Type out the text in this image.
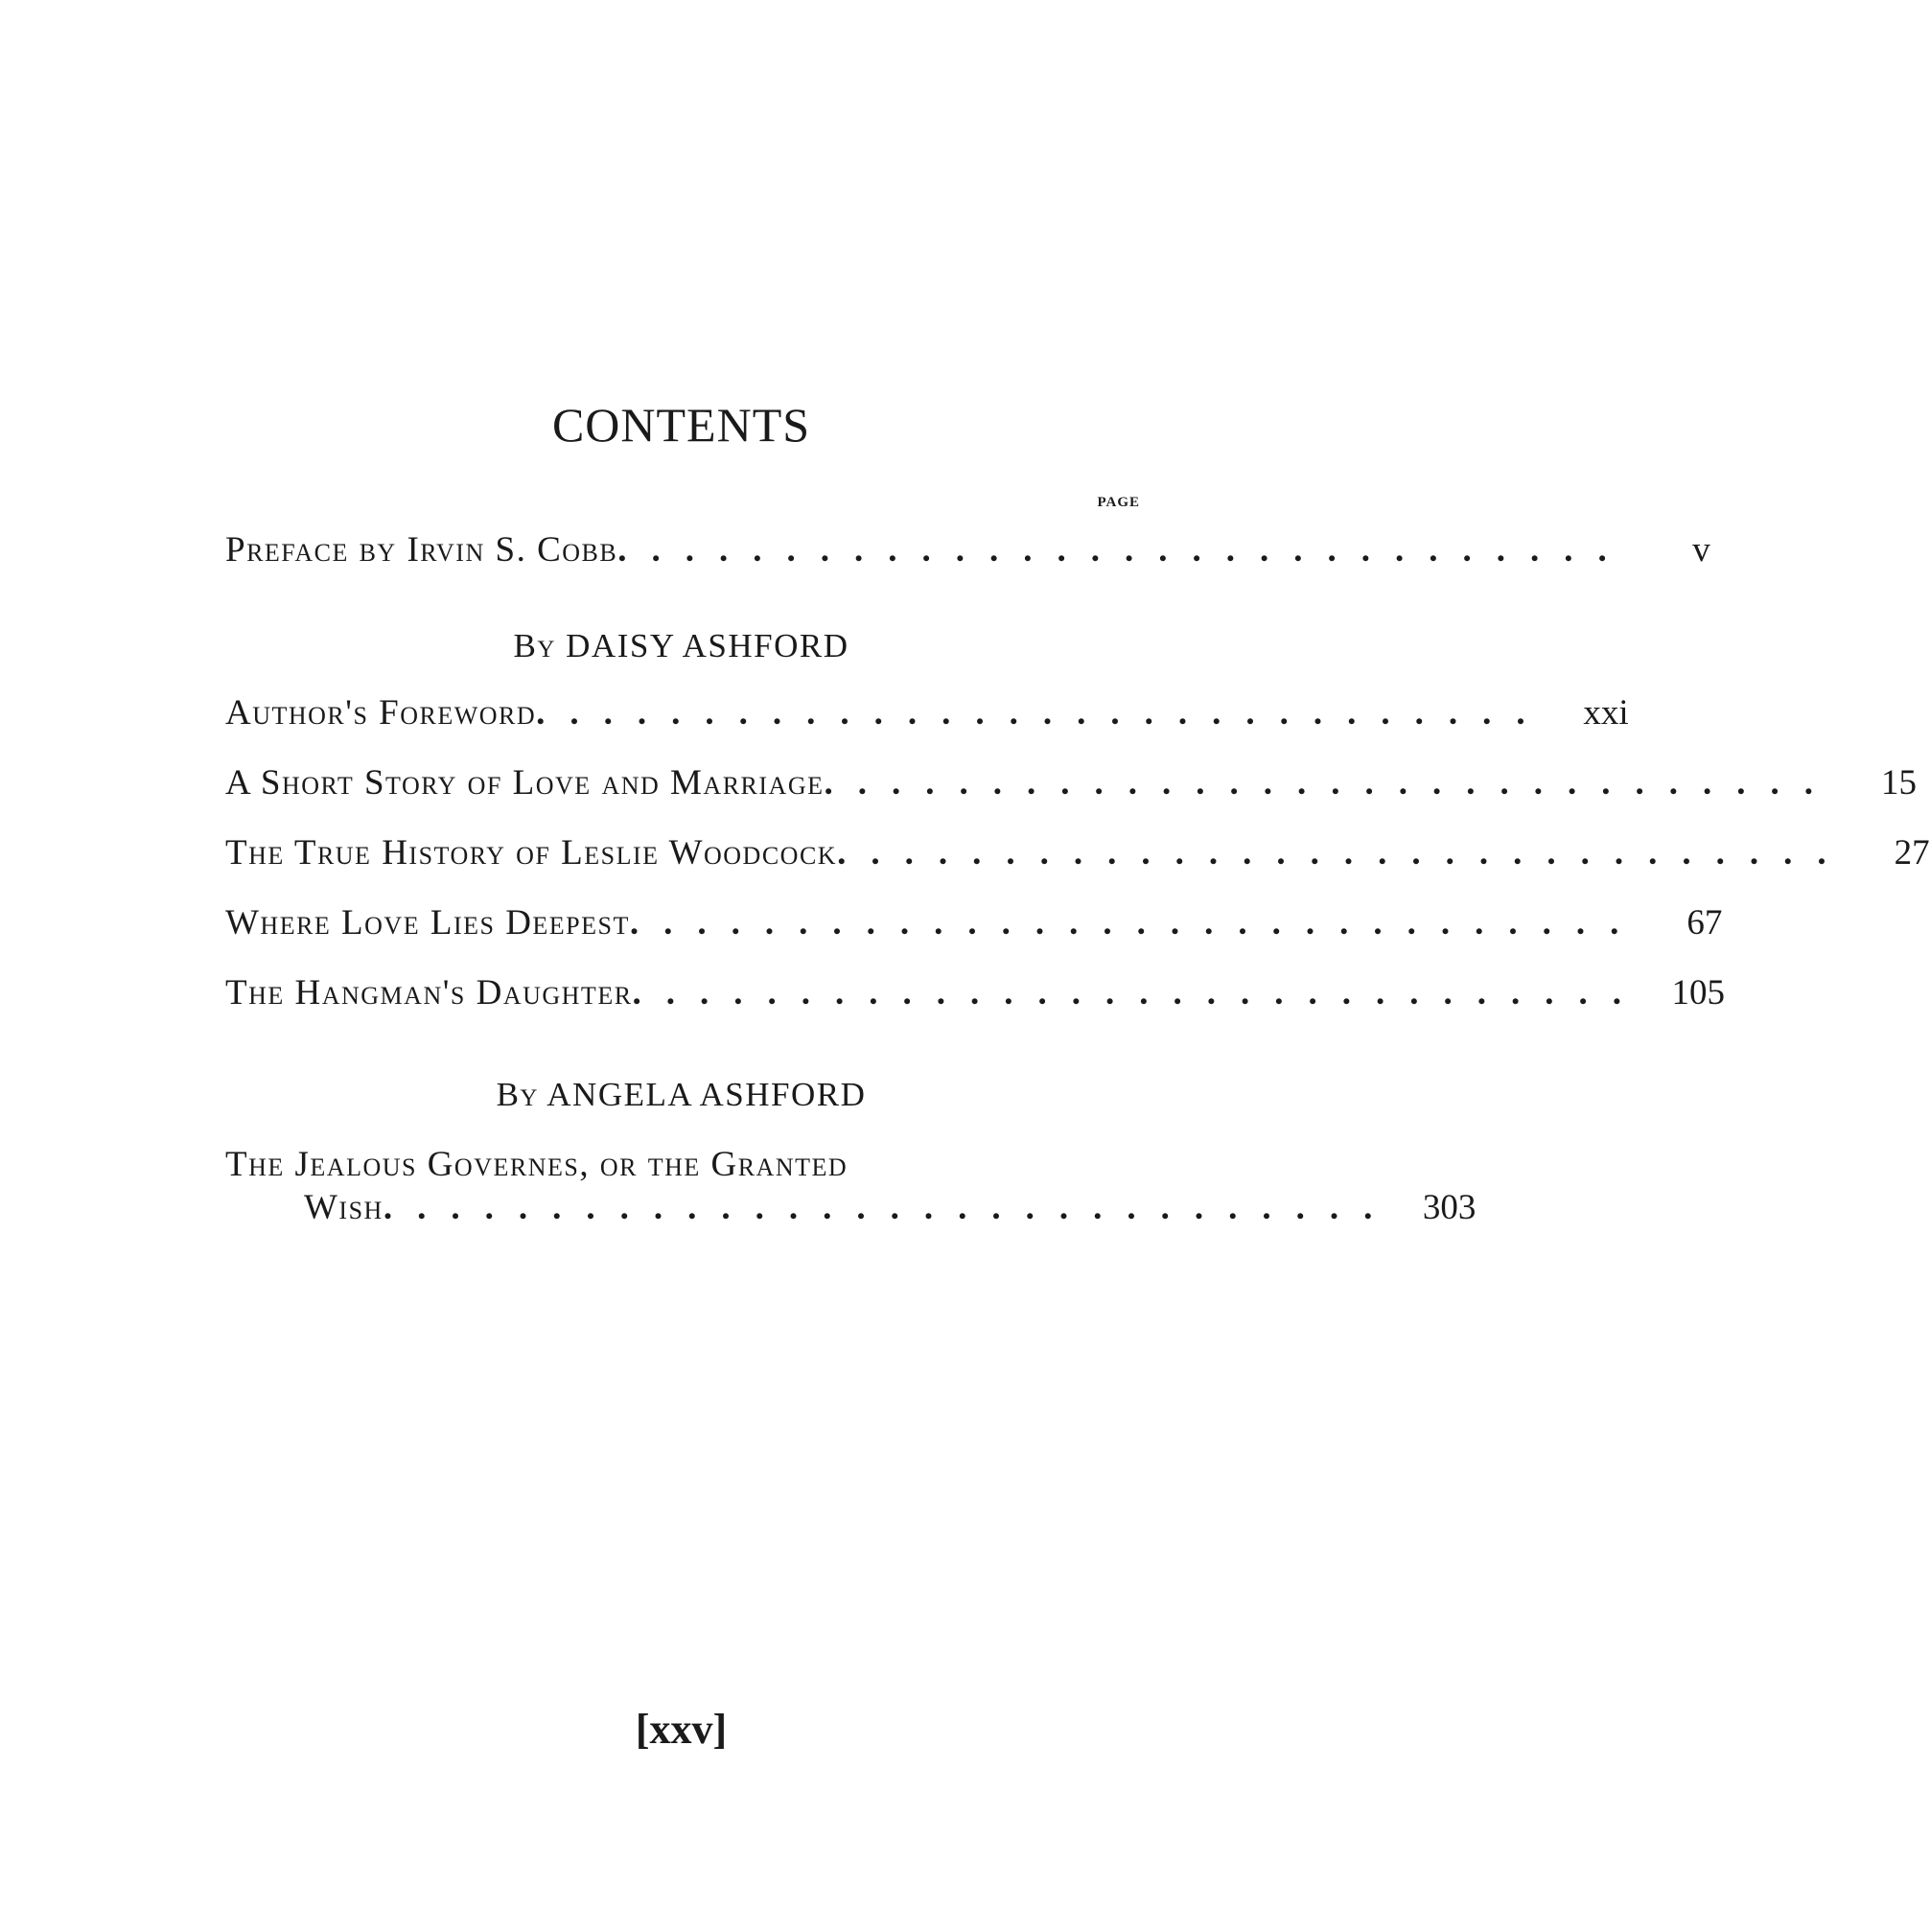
CONTENTS
PAGE
Preface by Irvin S. Cobb ..............................	v
By DAISY ASHFORD
Author's Foreword .............................. xxi
A Short Story of Love and Marriage ..............................	15
The True History of Leslie Woodcock ..............................	27
Where Love Lies Deepest ..............................	67
The Hangman's Daughter .............................. 105
By ANGELA ASHFORD
The Jealous Governes, or the Granted
Wish .............................. 303
[xxv]
